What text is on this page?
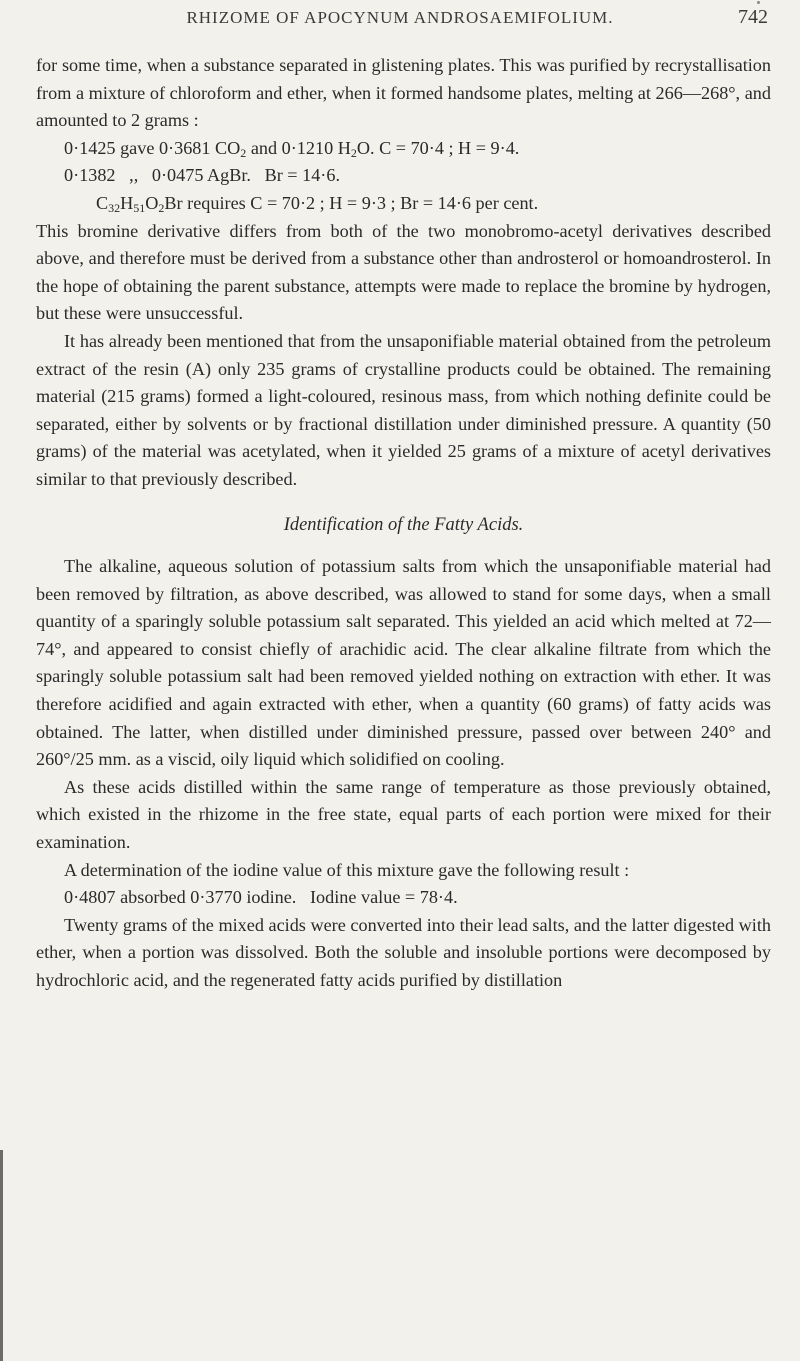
RHIZOME OF APOCYNUM ANDROSAEMIFOLIUM.	742

for some time, when a substance separated in glistening plates. This was purified by recrystallisation from a mixture of chloroform and ether, when it formed handsome plates, melting at 266—268°, and amounted to 2 grams :

0·1425 gave 0·3681 $CO_2$ and 0·1210 $H_2O$. C = 70·4 ; H = 9·4.

0·1382   ,,   0·0475 AgBr.   Br = 14·6.

$C_{32}H_{51}O_2Br$ requires C = 70·2 ; H = 9·3 ; Br = 14·6 per cent.

This bromine derivative differs from both of the two monobromo-acetyl derivatives described above, and therefore must be derived from a substance other than androsterol or homoandrosterol. In the hope of obtaining the parent substance, attempts were made to replace the bromine by hydrogen, but these were unsuccessful.

It has already been mentioned that from the unsaponifiable material obtained from the petroleum extract of the resin (A) only 235 grams of crystalline products could be obtained. The remaining material (215 grams) formed a light-coloured, resinous mass, from which nothing definite could be separated, either by solvents or by fractional distillation under diminished pressure. A quantity (50 grams) of the material was acetylated, when it yielded 25 grams of a mixture of acetyl derivatives similar to that previously described.

Identification of the Fatty Acids.

The alkaline, aqueous solution of potassium salts from which the unsaponifiable material had been removed by filtration, as above described, was allowed to stand for some days, when a small quantity of a sparingly soluble potassium salt separated. This yielded an acid which melted at 72—74°, and appeared to consist chiefly of arachidic acid. The clear alkaline filtrate from which the sparingly soluble potassium salt had been removed yielded nothing on extraction with ether. It was therefore acidified and again extracted with ether, when a quantity (60 grams) of fatty acids was obtained. The latter, when distilled under diminished pressure, passed over between 240° and 260°/25 mm. as a viscid, oily liquid which solidified on cooling.

As these acids distilled within the same range of temperature as those previously obtained, which existed in the rhizome in the free state, equal parts of each portion were mixed for their examination.

A determination of the iodine value of this mixture gave the following result :

0·4807 absorbed 0·3770 iodine.   Iodine value = 78·4.

Twenty grams of the mixed acids were converted into their lead salts, and the latter digested with ether, when a portion was dissolved. Both the soluble and insoluble portions were decomposed by hydrochloric acid, and the regenerated fatty acids purified by distillation
